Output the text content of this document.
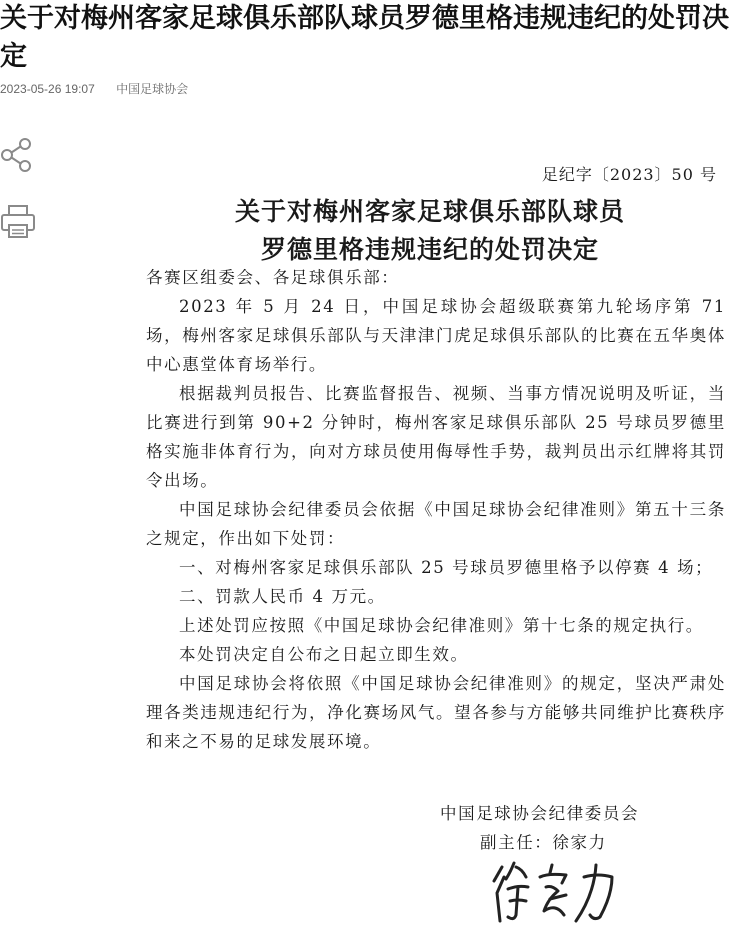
关于对梅州客家足球俱乐部队球员罗德里格违规违纪的处罚决定
2023-05-26 19:07 中国足球协会
足纪字〔2023〕50 号
关于对梅州客家足球俱乐部队球员
罗德里格违规违纪的处罚决定

各赛区组委会、各足球俱乐部：

2023 年 5 月 24 日，中国足球协会超级联赛第九轮场序第 71 场，梅州客家足球俱乐部队与天津津门虎足球俱乐部队的比赛在五华奥体中心惠堂体育场举行。

根据裁判员报告、比赛监督报告、视频、当事方情况说明及听证，当比赛进行到第 90+2 分钟时，梅州客家足球俱乐部队 25 号球员罗德里格实施非体育行为，向对方球员使用侮辱性手势，裁判员出示红牌将其罚令出场。

中国足球协会纪律委员会依据《中国足球协会纪律准则》第五十三条之规定，作出如下处罚：

一、对梅州客家足球俱乐部队 25 号球员罗德里格予以停赛 4 场；

二、罚款人民币 4 万元。

上述处罚应按照《中国足球协会纪律准则》第十七条的规定执行。

本处罚决定自公布之日起立即生效。

中国足球协会将依照《中国足球协会纪律准则》的规定，坚决严肃处理各类违规违纪行为，净化赛场风气。望各参与方能够共同维护比赛秩序和来之不易的足球发展环境。

中国足球协会纪律委员会
副主任：徐家力
